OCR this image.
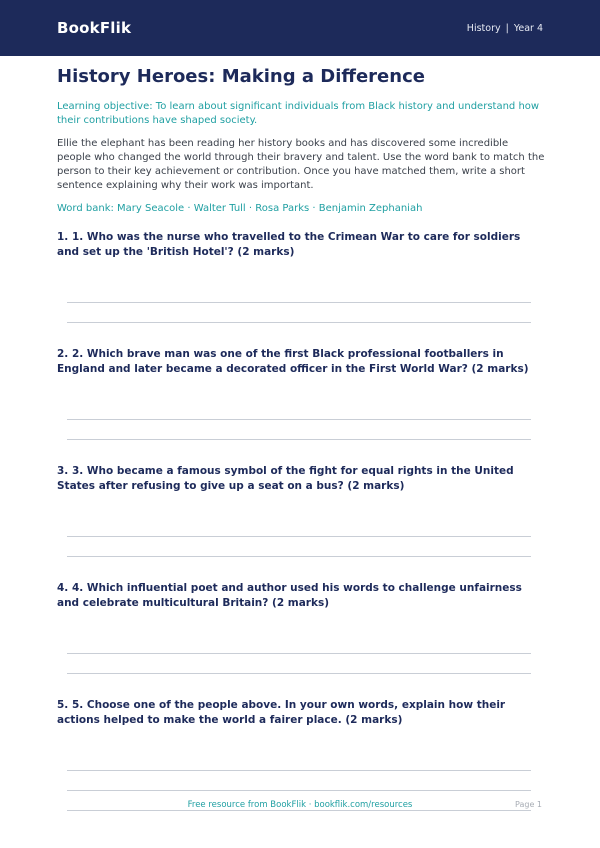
BookFlik	History | Year 4
History Heroes: Making a Difference

Learning objective: To learn about significant individuals from Black history and understand how their contributions have shaped society.

Ellie the elephant has been reading her history books and has discovered some incredible people who changed the world through their bravery and talent. Use the word bank to match the person to their key achievement or contribution. Once you have matched them, write a short sentence explaining why their work was important.

Word bank: Mary Seacole · Walter Tull · Rosa Parks · Benjamin Zephaniah

1. 1. Who was the nurse who travelled to the Crimean War to care for soldiers and set up the 'British Hotel'? (2 marks)

2. 2. Which brave man was one of the first Black professional footballers in England and later became a decorated officer in the First World War? (2 marks)

3. 3. Who became a famous symbol of the fight for equal rights in the United States after refusing to give up a seat on a bus? (2 marks)

4. 4. Which influential poet and author used his words to challenge unfairness and celebrate multicultural Britain? (2 marks)

5. 5. Choose one of the people above. In your own words, explain how their actions helped to make the world a fairer place. (2 marks)

Free resource from BookFlik · bookflik.com/resources	Page 1
